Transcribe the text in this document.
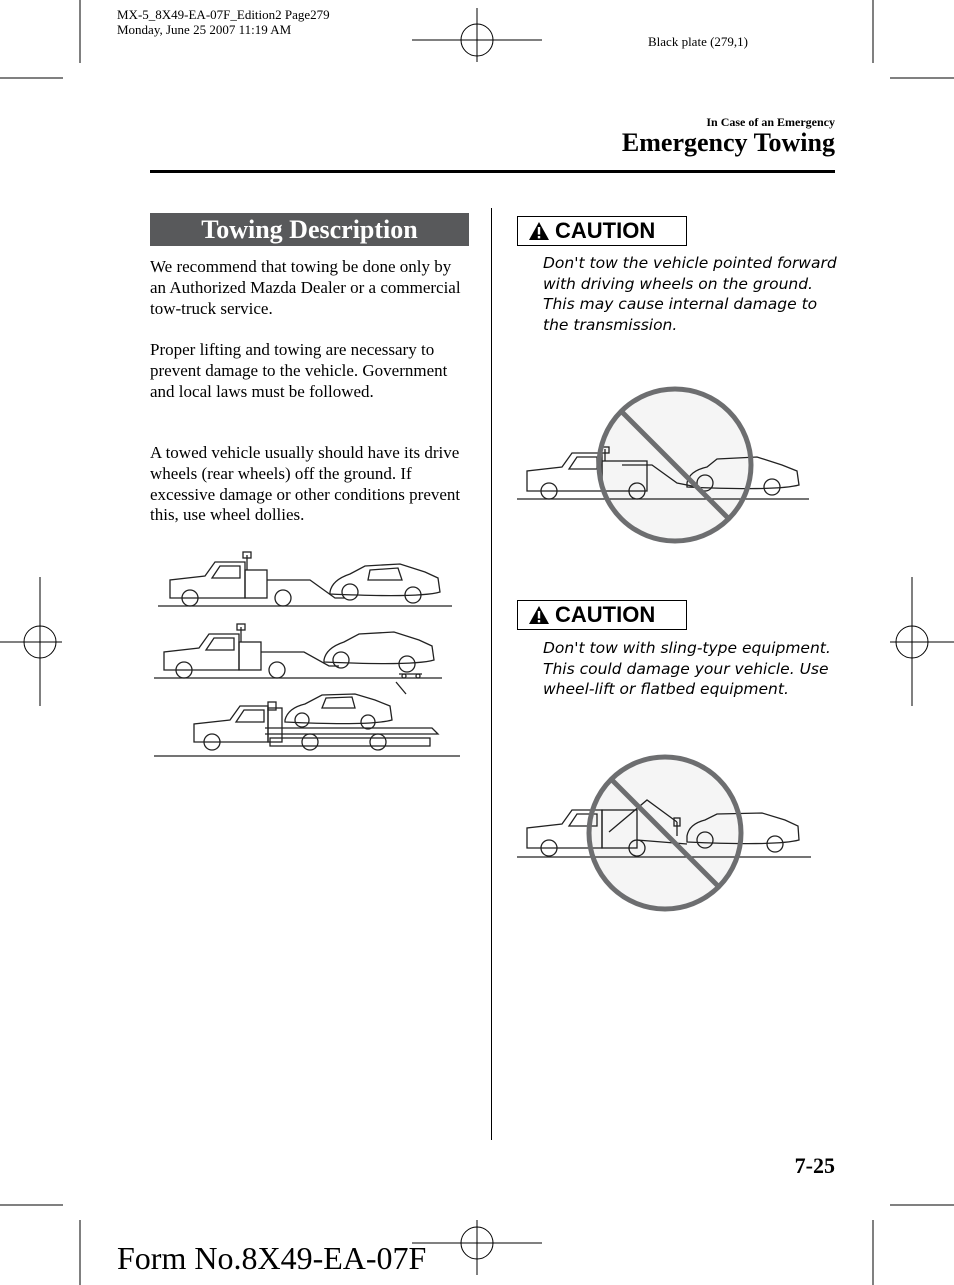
MX-5_8X49-EA-07F_Edition2 Page279
Monday, June 25 2007 11:19 AM
Black plate (279,1)
In Case of an Emergency
Emergency Towing
Towing Description
We recommend that towing be done only by an Authorized Mazda Dealer or a commercial tow-truck service.
Proper lifting and towing are necessary to prevent damage to the vehicle. Government and local laws must be followed.
A towed vehicle usually should have its drive wheels (rear wheels) off the ground. If excessive damage or other conditions prevent this, use wheel dollies.
CAUTION
Don't tow the vehicle pointed forward with driving wheels on the ground. This may cause internal damage to the transmission.
CAUTION
Don't tow with sling-type equipment. This could damage your vehicle. Use wheel-lift or flatbed equipment.
7-25
Form No.8X49-EA-07F
